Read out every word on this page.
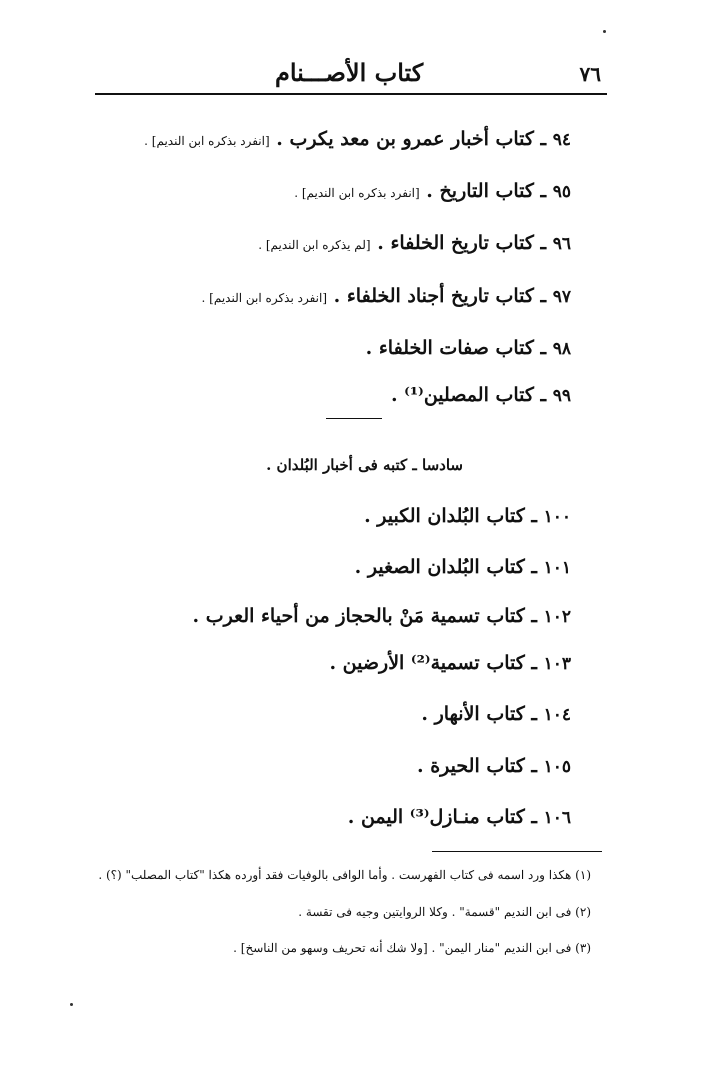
كتاب الأصـــنام	٧٦
٩٤ ـ كتاب أخبار عمرو بن معد يكرب . [انفرد بذكره ابن النديم] .
٩٥ ـ كتاب التاريخ . [انفرد بذكره ابن النديم] .
٩٦ ـ كتاب تاريخ الخلفاء . [لم يذكره ابن النديم] .
٩٧ ـ كتاب تاريخ أجناد الخلفاء . [انفرد بذكره ابن النديم] .
٩٨ ـ كتاب صفات الخلفاء .
٩٩ ـ كتاب المصلين⁽¹⁾ .
سادسا ـ كتبه فى أخبار البُلدان .
١٠٠ ـ كتاب البُلدان الكبير .
١٠١ ـ كتاب البُلدان الصغير .
١٠٢ ـ كتاب تسمية مَنْ بالحجاز من أحياء العرب .
١٠٣ ـ كتاب تسمية⁽²⁾ الأرضين .
١٠٤ ـ كتاب الأنهار .
١٠٥ ـ كتاب الحيرة .
١٠٦ ـ كتاب منـازل⁽³⁾ اليمن .
(١) هكذا ورد اسمه فى كتاب الفهرست . وأما الوافى بالوفيات فقد أورده هكذا "كتاب المصلب" (؟) .
(٢) فى ابن النديم "قسمة" . وكلا الروايتين وجيه فى تقسة .
(٣) فى ابن النديم "منار اليمن" . [ولا شك أنه تحريف وسهو من الناسخ] .
